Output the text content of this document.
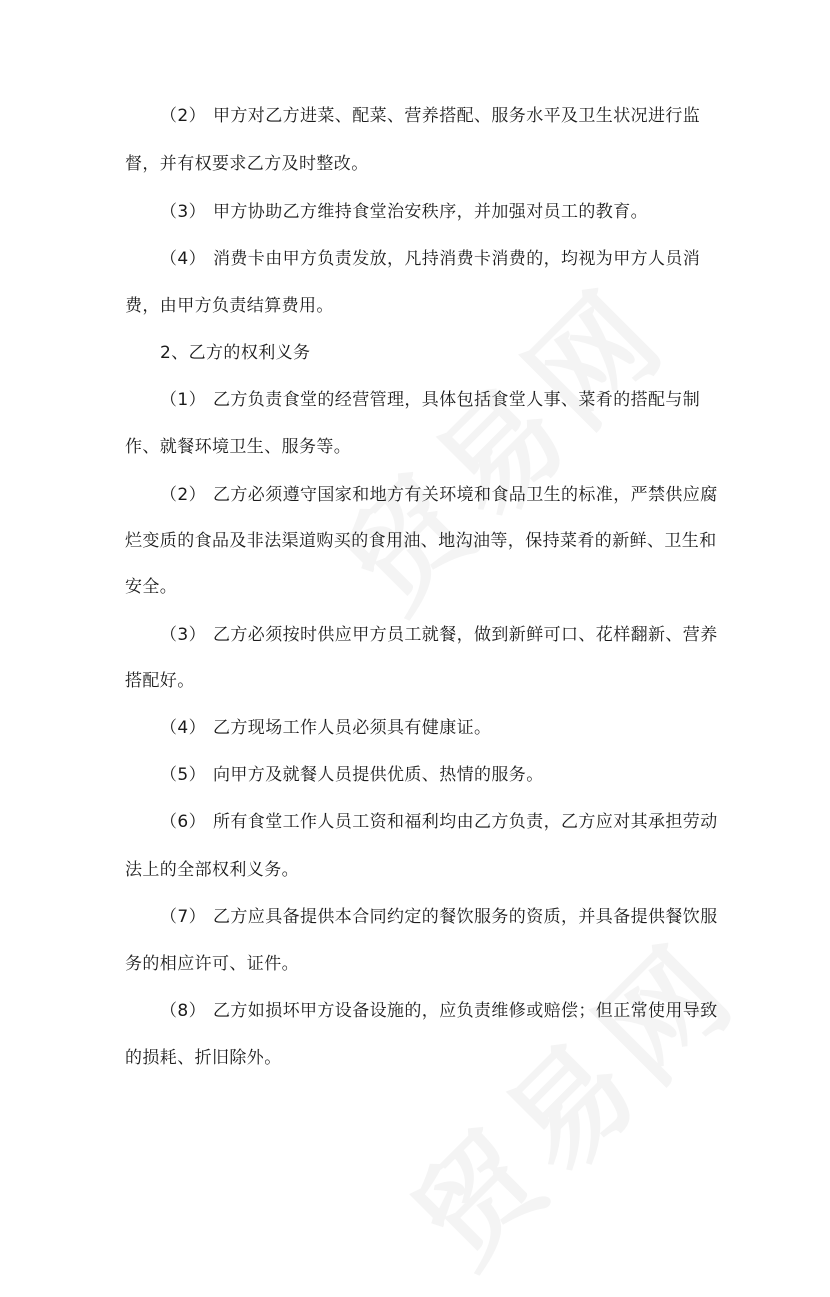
（2） 甲方对乙方进菜、配菜、营养搭配、服务水平及卫生状况进行监
督，并有权要求乙方及时整改。
（3） 甲方协助乙方维持食堂治安秩序，并加强对员工的教育。
（4） 消费卡由甲方负责发放，凡持消费卡消费的，均视为甲方人员消
费，由甲方负责结算费用。
2、乙方的权利义务
（1） 乙方负责食堂的经营管理，具体包括食堂人事、菜肴的搭配与制
作、就餐环境卫生、服务等。
（2） 乙方必须遵守国家和地方有关环境和食品卫生的标准，严禁供应腐
烂变质的食品及非法渠道购买的食用油、地沟油等，保持菜肴的新鲜、卫生和
安全。
（3） 乙方必须按时供应甲方员工就餐，做到新鲜可口、花样翻新、营养
搭配好。
（4） 乙方现场工作人员必须具有健康证。
（5） 向甲方及就餐人员提供优质、热情的服务。
（6） 所有食堂工作人员工资和福利均由乙方负责，乙方应对其承担劳动
法上的全部权利义务。
（7） 乙方应具备提供本合同约定的餐饮服务的资质，并具备提供餐饮服
务的相应许可、证件。
（8） 乙方如损坏甲方设备设施的，应负责维修或赔偿；但正常使用导致
的损耗、折旧除外。
